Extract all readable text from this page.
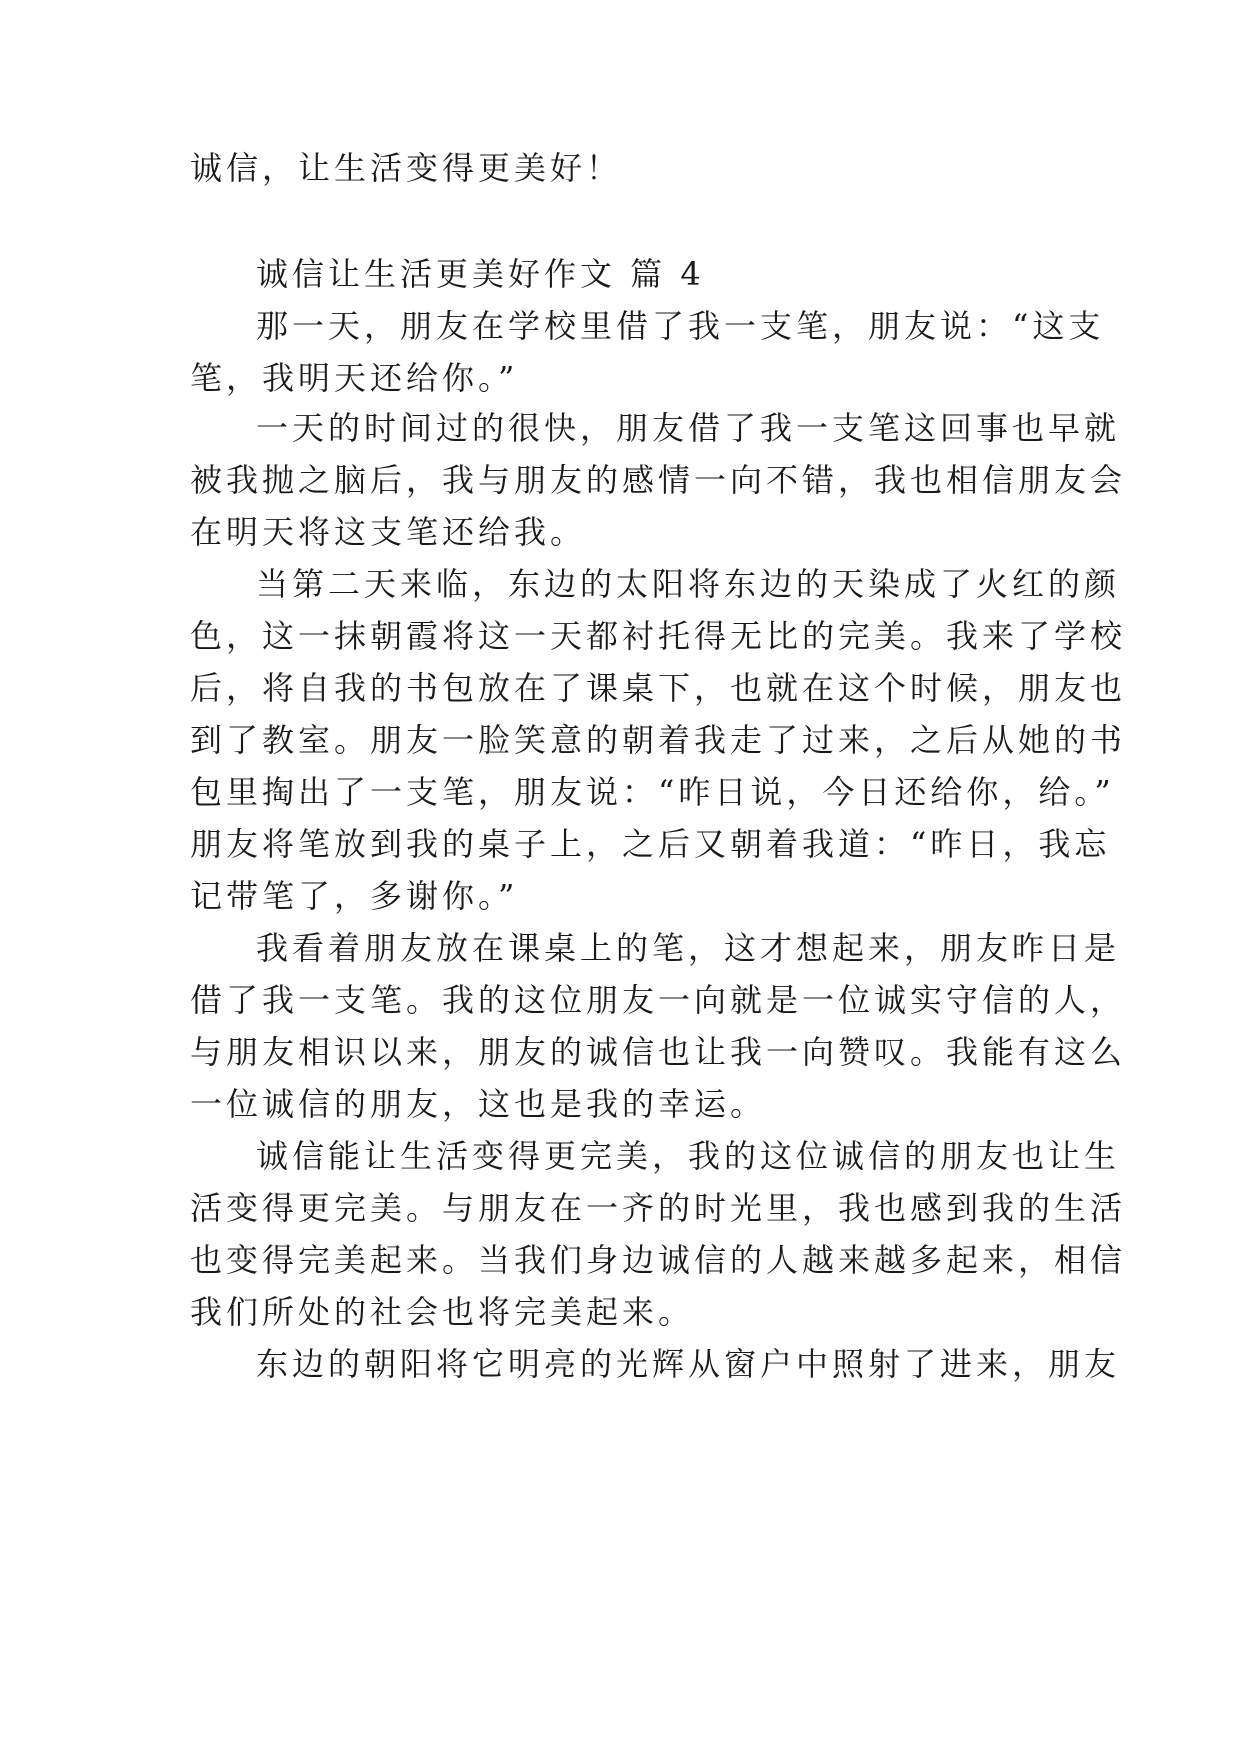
诚信，让生活变得更美好！
诚信让生活更美好作文 篇 4
那一天，朋友在学校里借了我一支笔，朋友说：“这支
笔，我明天还给你。”
一天的时间过的很快，朋友借了我一支笔这回事也早就
被我抛之脑后，我与朋友的感情一向不错，我也相信朋友会
在明天将这支笔还给我。
当第二天来临，东边的太阳将东边的天染成了火红的颜
色，这一抹朝霞将这一天都衬托得无比的完美。我来了学校
后，将自我的书包放在了课桌下，也就在这个时候，朋友也
到了教室。朋友一脸笑意的朝着我走了过来，之后从她的书
包里掏出了一支笔，朋友说：“昨日说，今日还给你，给。”
朋友将笔放到我的桌子上，之后又朝着我道：“昨日，我忘
记带笔了，多谢你。”
我看着朋友放在课桌上的笔，这才想起来，朋友昨日是
借了我一支笔。我的这位朋友一向就是一位诚实守信的人，
与朋友相识以来，朋友的诚信也让我一向赞叹。我能有这么
一位诚信的朋友，这也是我的幸运。
诚信能让生活变得更完美，我的这位诚信的朋友也让生
活变得更完美。与朋友在一齐的时光里，我也感到我的生活
也变得完美起来。当我们身边诚信的人越来越多起来，相信
我们所处的社会也将完美起来。
东边的朝阳将它明亮的光辉从窗户中照射了进来，朋友
